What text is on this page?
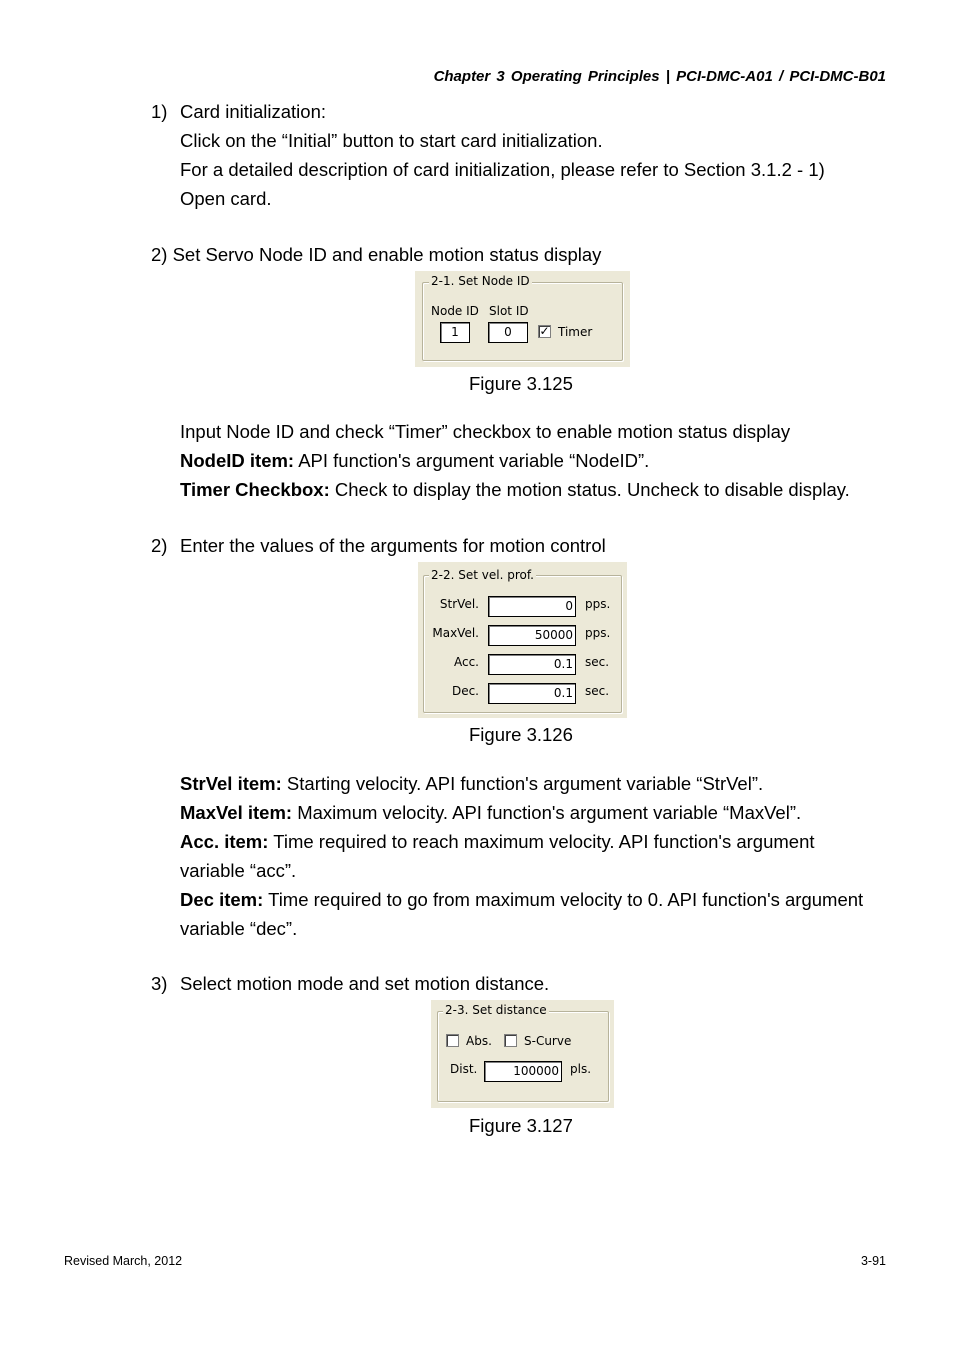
Chapter 3 Operating Principles | PCI-DMC-A01 / PCI-DMC-B01
1) Card initialization:
Click on the “Initial” button to start card initialization.
For a detailed description of card initialization, please refer to Section 3.1.2 - 1)
Open card.
2) Set Servo Node ID and enable motion status display
2-1. Set Node ID
Node ID Slot ID
1	0	✓ Timer
Figure 3.125
Input Node ID and check “Timer” checkbox to enable motion status display
NodeID item: API function's argument variable “NodeID”.
Timer Checkbox: Check to display the motion status. Uncheck to disable display.
2) Enter the values of the arguments for motion control
2-2. Set vel. prof.
StrVel.	0 pps.
MaxVel.	50000 pps.
Acc.	0.1 sec.
Dec.	0.1 sec.
Figure 3.126
StrVel item: Starting velocity. API function's argument variable “StrVel”.
MaxVel item: Maximum velocity. API function's argument variable “MaxVel”.
Acc. item: Time required to reach maximum velocity. API function's argument
variable “acc”.
Dec item: Time required to go from maximum velocity to 0. API function's argument
variable “dec”.
3) Select motion mode and set motion distance.
2-3. Set distance
Abs.	S-Curve
Dist.	100000 pls.
Figure 3.127
Revised March, 2012	3-91
